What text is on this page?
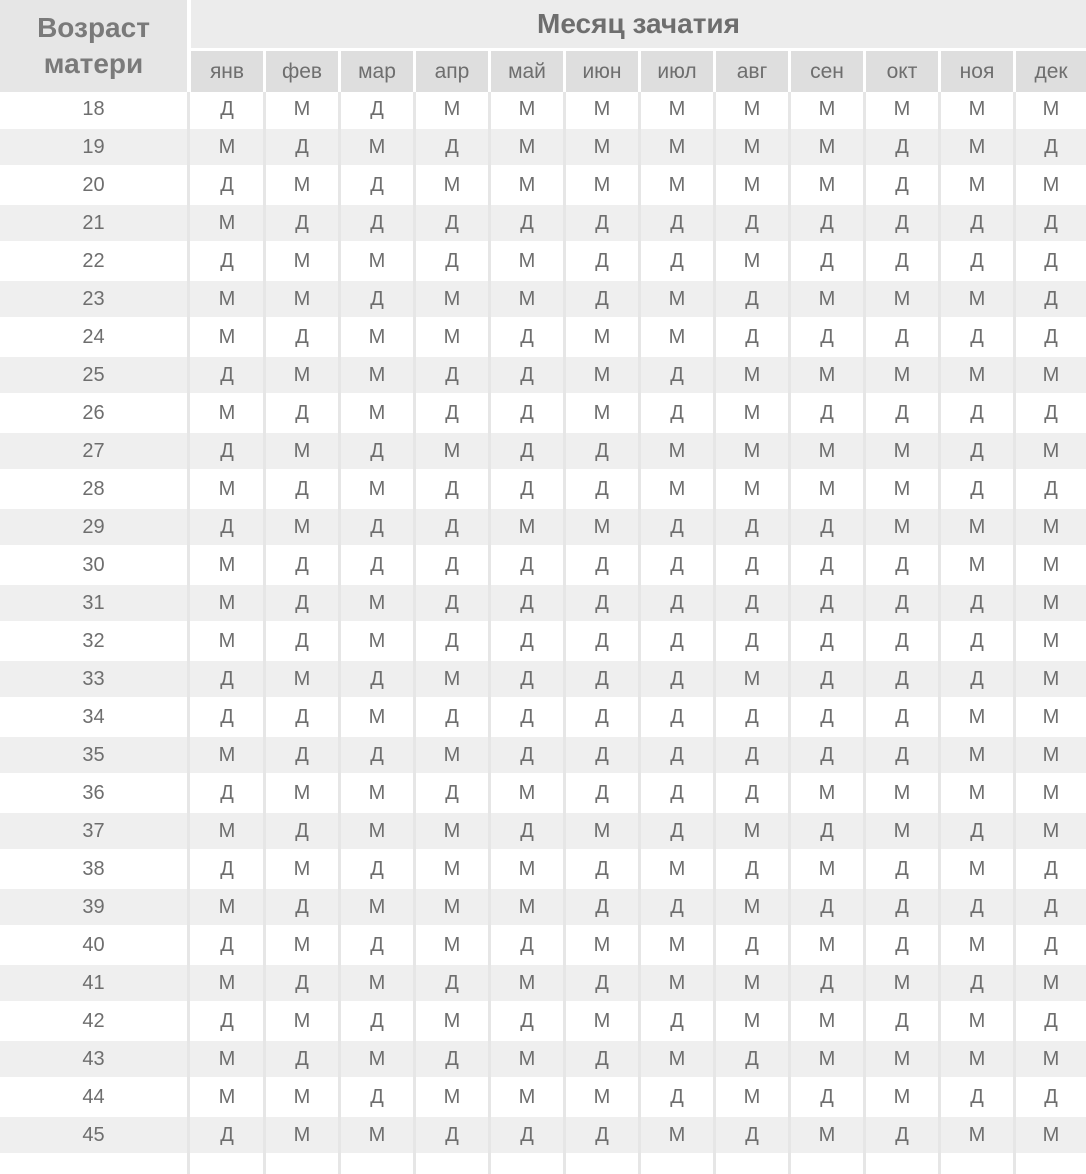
Возраст
матери
Месяц зачатия
18	Д	М	Д	М	М	М	М	М	М	М	М	М
19	М	Д	М	Д	М	М	М	М	М	Д	М	Д
20	Д	М	Д	М	М	М	М	М	М	Д	М	М
21	М	Д	Д	Д	Д	Д	Д	Д	Д	Д	Д	Д
22	Д	М	М	Д	М	Д	Д	М	Д	Д	Д	Д
23	М	М	Д	М	М	Д	М	Д	М	М	М	Д
24	М	Д	М	М	Д	М	М	Д	Д	Д	Д	Д
25	Д	М	М	Д	Д	М	Д	М	М	М	М	М
26	М	Д	М	Д	Д	М	Д	М	Д	Д	Д	Д
27	Д	М	Д	М	Д	Д	М	М	М	М	Д	М
28	М	Д	М	Д	Д	Д	М	М	М	М	Д	Д
29	Д	М	Д	Д	М	М	Д	Д	Д	М	М	М
30	М	Д	Д	Д	Д	Д	Д	Д	Д	Д	М	М
31	М	Д	М	Д	Д	Д	Д	Д	Д	Д	Д	М
32	М	Д	М	Д	Д	Д	Д	Д	Д	Д	Д	М
33	Д	М	Д	М	Д	Д	Д	М	Д	Д	Д	М
34	Д	Д	М	Д	Д	Д	Д	Д	Д	Д	М	М
35	М	Д	Д	М	Д	Д	Д	Д	Д	Д	М	М
36	Д	М	М	Д	М	Д	Д	Д	М	М	М	М
37	М	Д	М	М	Д	М	Д	М	Д	М	Д	М
38	Д	М	Д	М	М	Д	М	Д	М	Д	М	Д
39	М	Д	М	М	М	Д	Д	М	Д	Д	Д	Д
40	Д	М	Д	М	Д	М	М	Д	М	Д	М	Д
41	М	Д	М	Д	М	Д	М	М	Д	М	Д	М
42	Д	М	Д	М	Д	М	Д	М	М	Д	М	Д
43	М	Д	М	Д	М	Д	М	Д	М	М	М	М
44	М	М	Д	М	М	М	Д	М	Д	М	Д	Д
45	Д	М	М	Д	Д	Д	М	Д	М	Д	М	М
янв	фев	мар	апр	май	июн	июл	авг	сен	окт	ноя	дек
